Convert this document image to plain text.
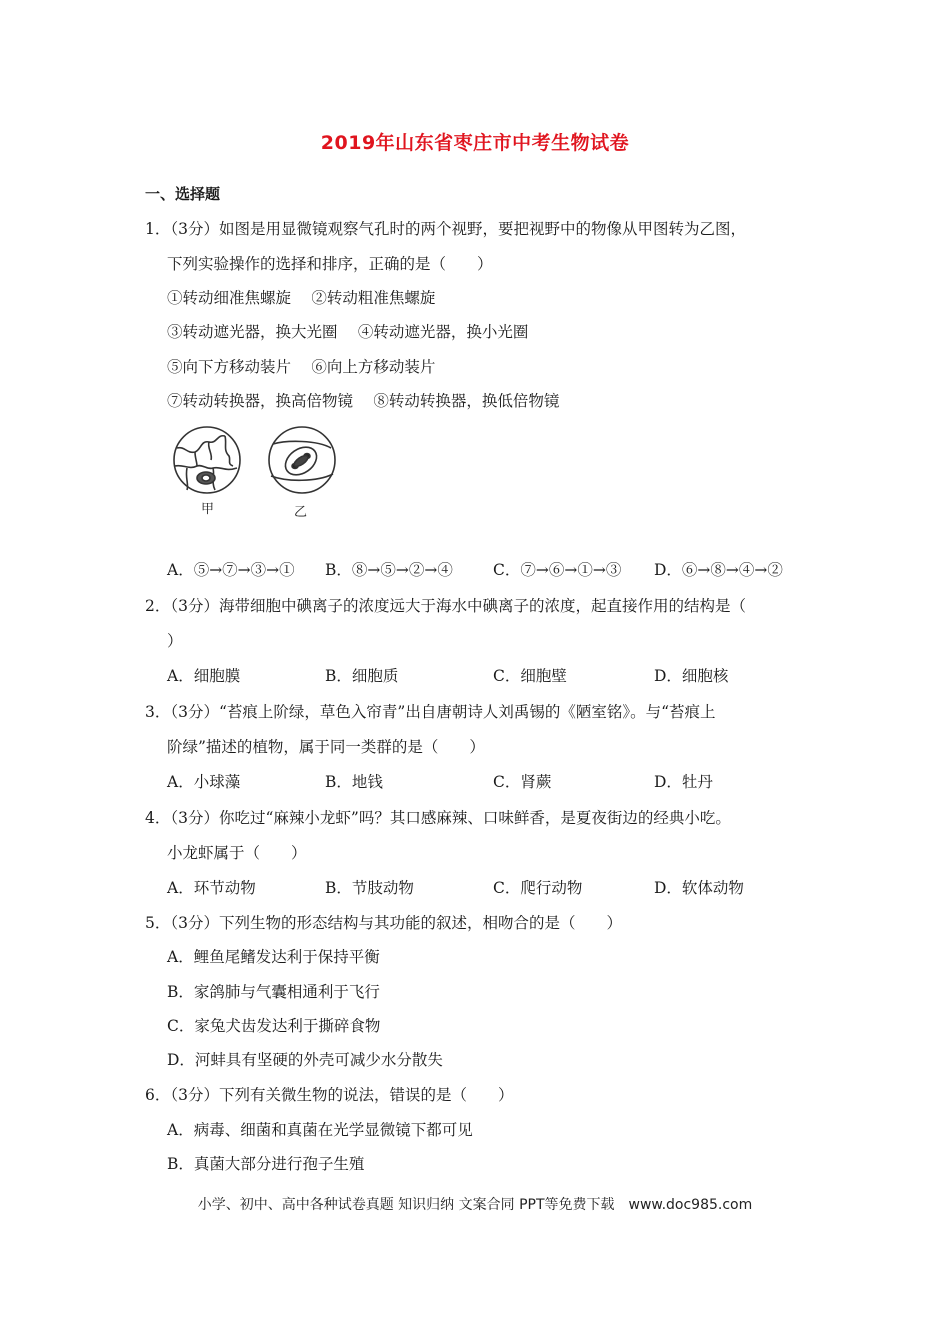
2019年山东省枣庄市中考生物试卷
一、选择题
1．（3分）如图是用显微镜观察气孔时的两个视野，要把视野中的物像从甲图转为乙图，
下列实验操作的选择和排序，正确的是（　　）
①转动细准焦螺旋　 ②转动粗准焦螺旋
③转动遮光器，换大光圈　 ④转动遮光器，换小光圈
⑤向下方移动装片　 ⑥向上方移动装片
⑦转动转换器，换高倍物镜　 ⑧转动转换器，换低倍物镜
甲	乙
A．⑤→⑦→③→① B．⑧→⑤→②→④	C．⑦→⑥→①→③ D．⑥→⑧→④→②
2．（3分）海带细胞中碘离子的浓度远大于海水中碘离子的浓度，起直接作用的结构是（
）
A．细胞膜	B．细胞质	C．细胞壁	D．细胞核
3．（3分）“苔痕上阶绿，草色入帘青”出自唐朝诗人刘禹锡的《陋室铭》。与“苔痕上
阶绿”描述的植物，属于同一类群的是（　　）
A．小球藻	B．地钱	C．肾蕨	D．牡丹
4．（3分）你吃过“麻辣小龙虾”吗？其口感麻辣、口味鲜香，是夏夜街边的经典小吃。
小龙虾属于（　　）
A．环节动物	B．节肢动物	C．爬行动物	D．软体动物
5．（3分）下列生物的形态结构与其功能的叙述，相吻合的是（　　）
A．鲤鱼尾鳍发达利于保持平衡
B．家鸽肺与气囊相通利于飞行
C．家兔犬齿发达利于撕碎食物
D．河蚌具有坚硬的外壳可减少水分散失
6．（3分）下列有关微生物的说法，错误的是（　　）
A．病毒、细菌和真菌在光学显微镜下都可见
B．真菌大部分进行孢子生殖
小学、初中、高中各种试卷真题 知识归纳 文案合同 PPT等免费下载　www.doc985.com
